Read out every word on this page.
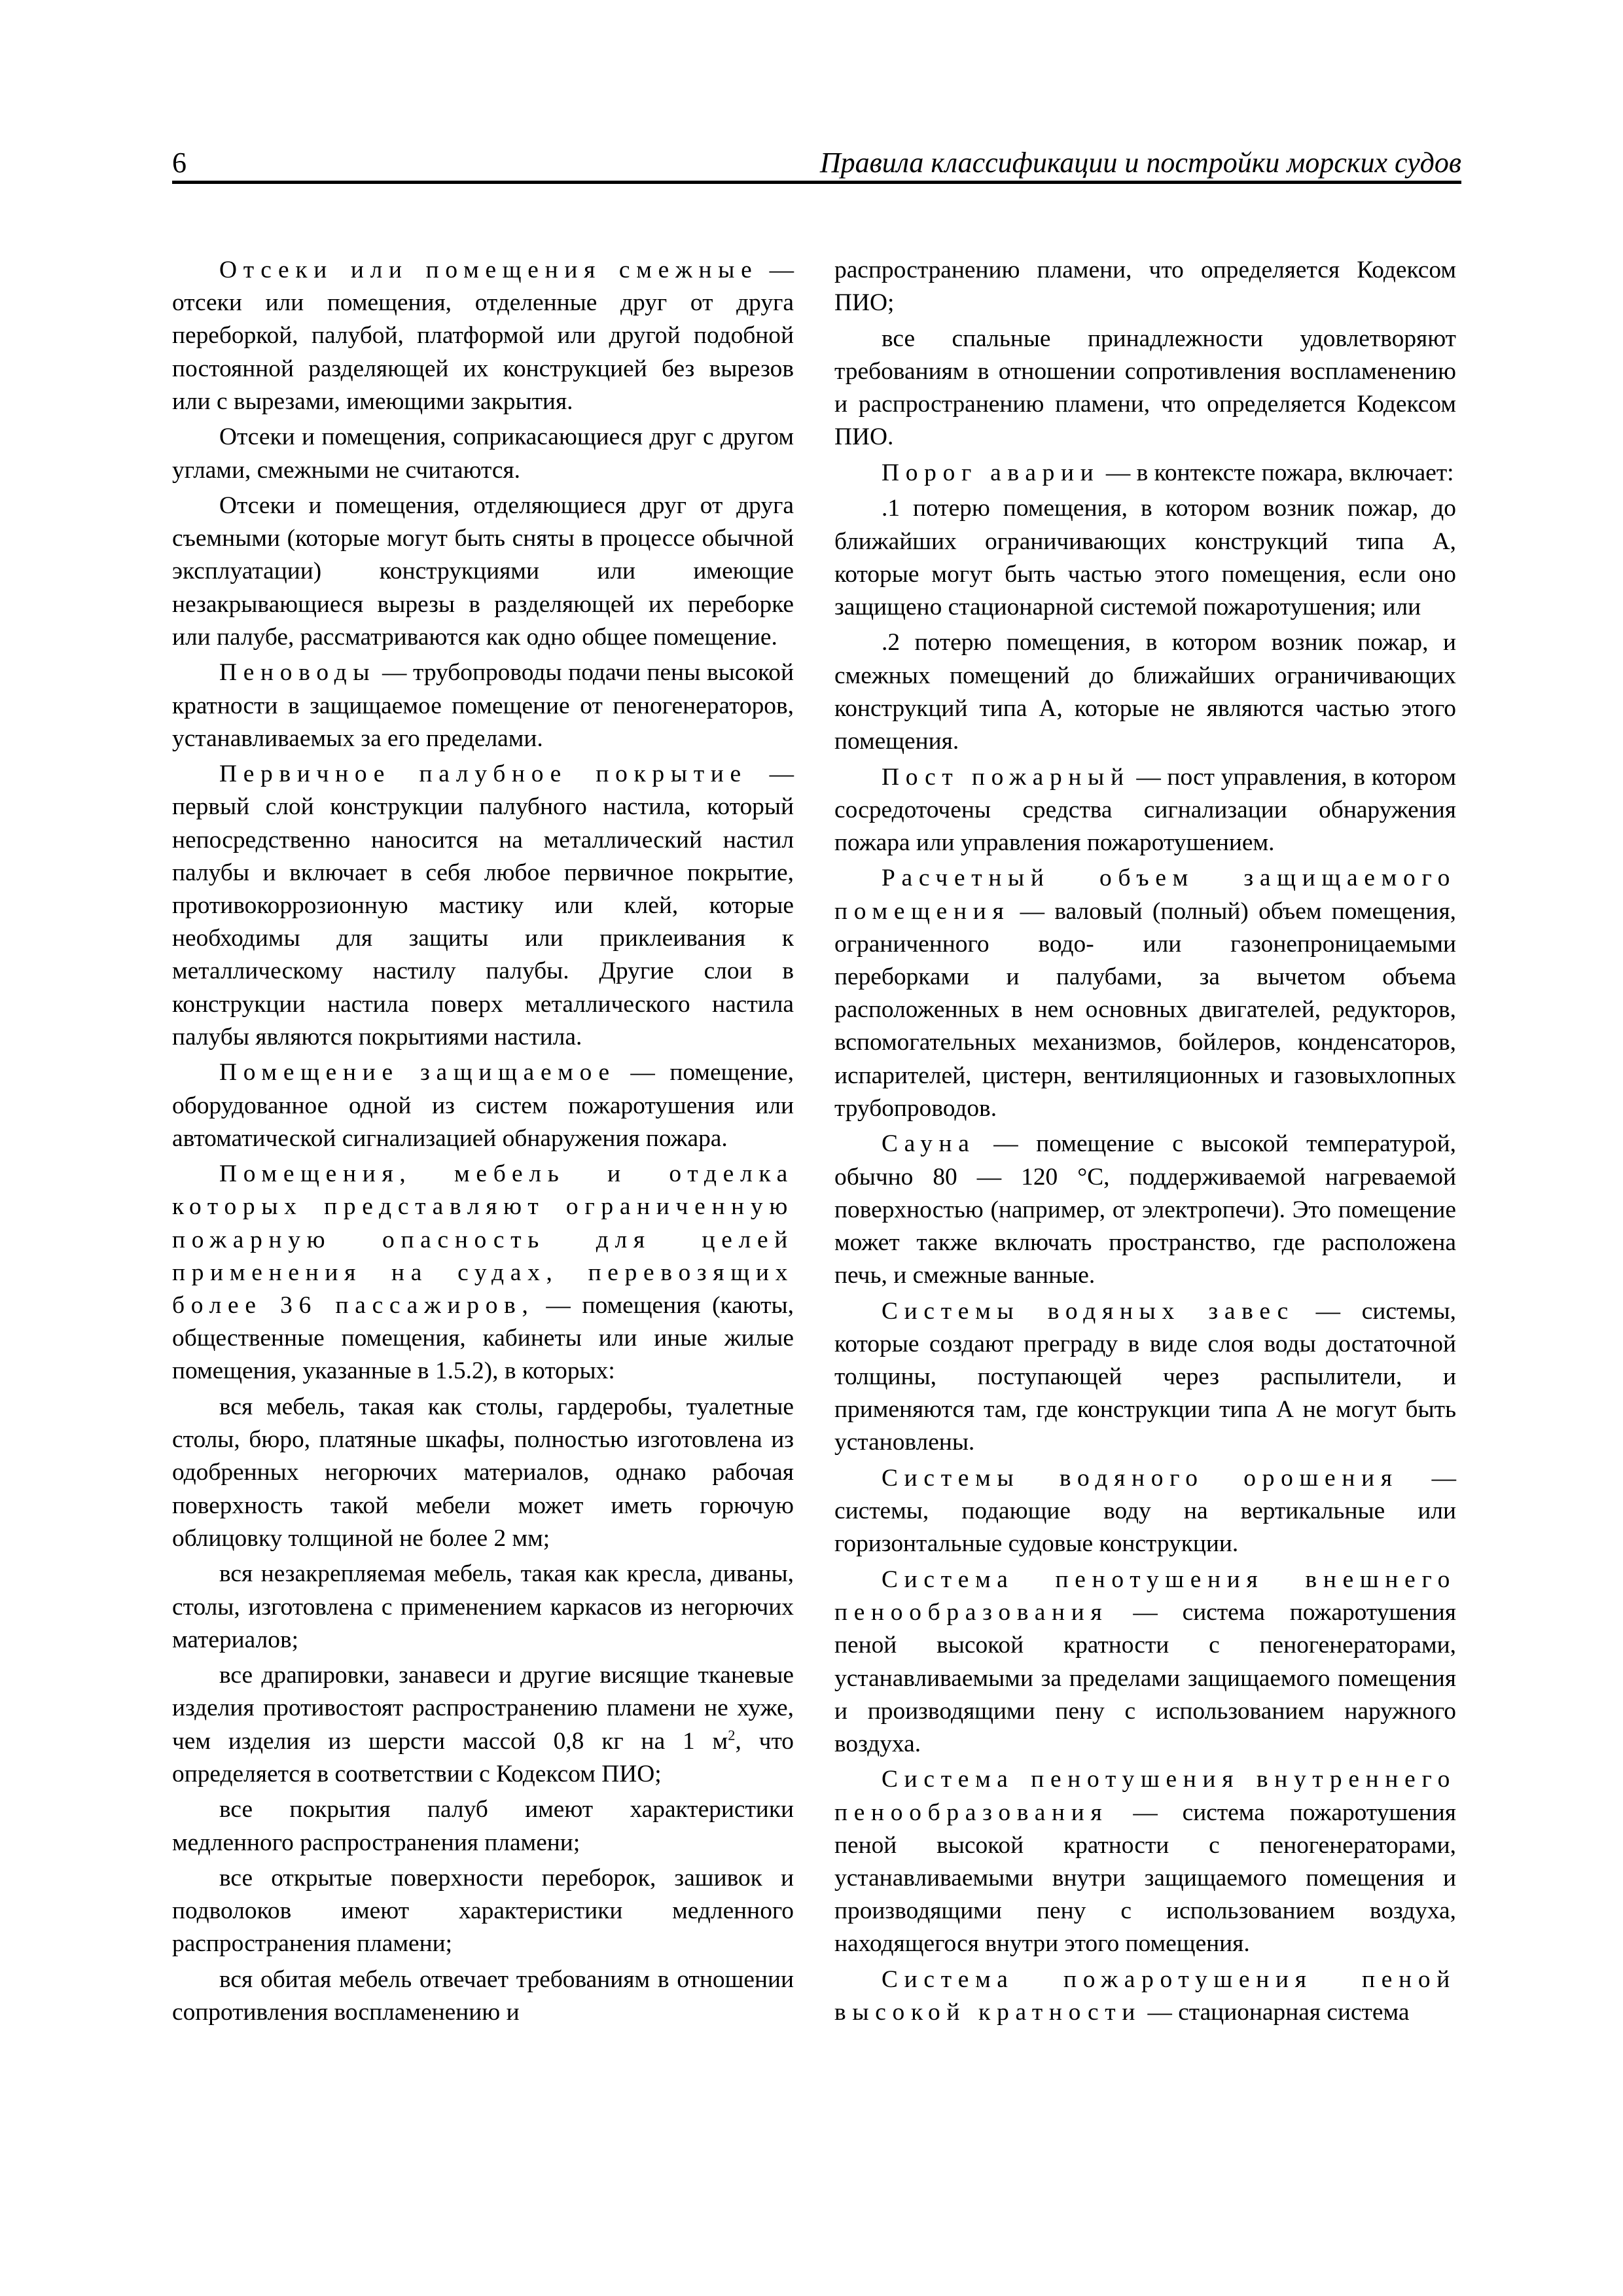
6	Правила классификации и постройки морских судов

Отсеки или помещения смежные — отсеки или помещения, отделенные друг от друга переборкой, палубой, платформой или другой подобной постоянной разделяющей их конструкцией без вырезов или с вырезами, имеющими закрытия.

Отсеки и помещения, соприкасающиеся друг с другом углами, смежными не считаются.

Отсеки и помещения, отделяющиеся друг от друга съемными (которые могут быть сняты в процессе обычной эксплуатации) конструкциями или имеющие незакрывающиеся вырезы в разделяющей их переборке или палубе, рассматриваются как одно общее помещение.

Пеноводы — трубопроводы подачи пены высокой кратности в защищаемое помещение от пеногенераторов, устанавливаемых за его пределами.

Первичное палубное покрытие — первый слой конструкции палубного настила, который непосредственно наносится на металлический настил палубы и включает в себя любое первичное покрытие, противокоррозионную мастику или клей, которые необходимы для защиты или приклеивания к металлическому настилу палубы. Другие слои в конструкции настила поверх металлического настила палубы являются покрытиями настила.

Помещение защищаемое — помещение, оборудованное одной из систем пожаротушения или автоматической сигнализацией обнаружения пожара.

Помещения, мебель и отделка которых представляют ограниченную пожарную опасность для целей применения на судах, перевозящих более 36 пассажиров, — помещения (каюты, общественные помещения, кабинеты или иные жилые помещения, указанные в 1.5.2), в которых:

вся мебель, такая как столы, гардеробы, туалетные столы, бюро, платяные шкафы, полностью изготовлена из одобренных негорючих материалов, однако рабочая поверхность такой мебели может иметь горючую облицовку толщиной не более 2 мм;

вся незакрепляемая мебель, такая как кресла, диваны, столы, изготовлена с применением каркасов из негорючих материалов;

все драпировки, занавеси и другие висящие тканевые изделия противостоят распространению пламени не хуже, чем изделия из шерсти массой 0,8 кг на 1 $м^2$, что определяется в соответствии с Кодексом ПИО;

все покрытия палуб имеют характеристики медленного распространения пламени;

все открытые поверхности переборок, зашивок и подволоков имеют характеристики медленного распространения пламени;

вся обитая мебель отвечает требованиям в отношении сопротивления воспламенению и

распространению пламени, что определяется Кодексом ПИО;

все спальные принадлежности удовлетворяют требованиям в отношении сопротивления воспламенению и распространению пламени, что определяется Кодексом ПИО.

Порог аварии — в контексте пожара, включает:

.1 потерю помещения, в котором возник пожар, до ближайших ограничивающих конструкций типа А, которые могут быть частью этого помещения, если оно защищено стационарной системой пожаротушения; или

.2 потерю помещения, в котором возник пожар, и смежных помещений до ближайших ограничивающих конструкций типа А, которые не являются частью этого помещения.

Пост пожарный — пост управления, в котором сосредоточены средства сигнализации обнаружения пожара или управления пожаротушением.

Расчетный объем защищаемого помещения — валовый (полный) объем помещения, ограниченного водо- или газонепроницаемыми переборками и палубами, за вычетом объема расположенных в нем основных двигателей, редукторов, вспомогательных механизмов, бойлеров, конденсаторов, испарителей, цистерн, вентиляционных и газовыхлопных трубопроводов.

Сауна — помещение с высокой температурой, обычно 80 — 120 °С, поддерживаемой нагреваемой поверхностью (например, от электропечи). Это помещение может также включать пространство, где расположена печь, и смежные ванные.

Системы водяных завес — системы, которые создают преграду в виде слоя воды достаточной толщины, поступающей через распылители, и применяются там, где конструкции типа А не могут быть установлены.

Системы водяного орошения — системы, подающие воду на вертикальные или горизонтальные судовые конструкции.

Система пенотушения внешнего пенообразования — система пожаротушения пеной высокой кратности с пеногенераторами, устанавливаемыми за пределами защищаемого помещения и производящими пену с использованием наружного воздуха.

Система пенотушения внутреннего пенообразования — система пожаротушения пеной высокой кратности с пеногенераторами, устанавливаемыми внутри защищаемого помещения и производящими пену с использованием воздуха, находящегося внутри этого помещения.

Система пожаротушения пеной высокой кратности — стационарная система
